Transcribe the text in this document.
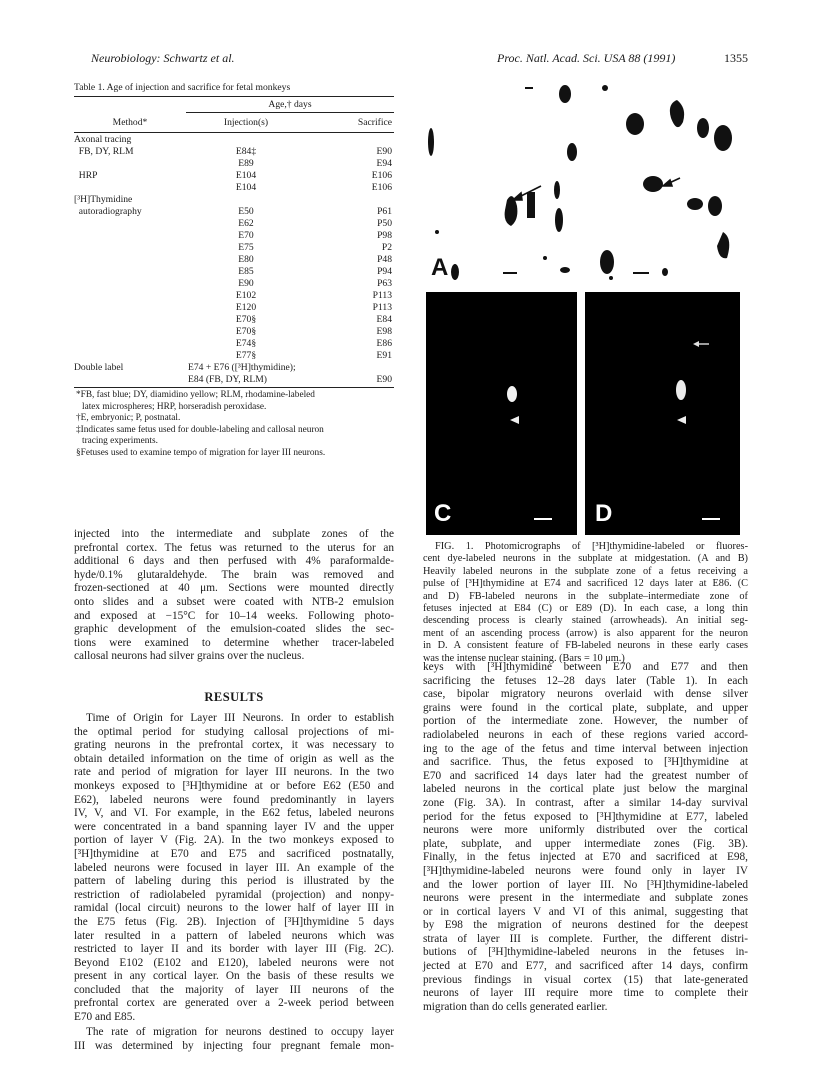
Neurobiology: Schwartz et al.	Proc. Natl. Acad. Sci. USA 88 (1991)	1355
Table 1. Age of injection and sacrifice for fetal monkeys
Age,† days
Method*	Injection(s)	Sacrifice
Axonal tracing
FB, DY, RLM	E84‡	E90
E89	E94
HRP	E104	E106
E104	E106
[³H]Thymidine
autoradiography	E50	P61
E62	P50
E70	P98
E75	P2
E80	P48
E85	P94
E90	P63
E102	P113
E120	P113
E70§	E84
E70§	E98
E74§	E86
E77§	E91
Double label	E74 + E76 ([³H]thymidine);
E84 (FB, DY, RLM)	E90
*FB, fast blue; DY, diamidino yellow; RLM, rhodamine-labeled
latex microspheres; HRP, horseradish peroxidase.
†E, embryonic; P, postnatal.
‡Indicates same fetus used for double-labeling and callosal neuron
tracing experiments.
§Fetuses used to examine tempo of migration for layer III neurons.
injected into the intermediate and subplate zones of the
prefrontal cortex. The fetus was returned to the uterus for an
additional 6 days and then perfused with 4% paraformalde-
hyde/0.1% glutaraldehyde. The brain was removed and
frozen-sectioned at 40 μm. Sections were mounted directly
onto slides and a subset were coated with NTB-2 emulsion
and exposed at −15°C for 10–14 weeks. Following photo-
graphic development of the emulsion-coated slides the sec-
tions were examined to determine whether tracer-labeled
callosal neurons had silver grains over the nucleus.
RESULTS
Time of Origin for Layer III Neurons. In order to establish
the optimal period for studying callosal projections of mi-
grating neurons in the prefrontal cortex, it was necessary to
obtain detailed information on the time of origin as well as the
rate and period of migration for layer III neurons. In the two
monkeys exposed to [³H]thymidine at or before E62 (E50 and
E62), labeled neurons were found predominantly in layers
IV, V, and VI. For example, in the E62 fetus, labeled neurons
were concentrated in a band spanning layer IV and the upper
portion of layer V (Fig. 2A). In the two monkeys exposed to
[³H]thymidine at E70 and E75 and sacrificed postnatally,
labeled neurons were focused in layer III. An example of the
pattern of labeling during this period is illustrated by the
restriction of radiolabeled pyramidal (projection) and nonpy-
ramidal (local circuit) neurons to the lower half of layer III in
the E75 fetus (Fig. 2B). Injection of [³H]thymidine 5 days
later resulted in a pattern of labeled neurons which was
restricted to layer II and its border with layer III (Fig. 2C).
Beyond E102 (E102 and E120), labeled neurons were not
present in any cortical layer. On the basis of these results we
concluded that the majority of layer III neurons of the
prefrontal cortex are generated over a 2-week period between
E70 and E85.
The rate of migration for neurons destined to occupy layer
III was determined by injecting four pregnant female mon-
A
C	D
FIG. 1. Photomicrographs of [³H]thymidine-labeled or fluores-
cent dye-labeled neurons in the subplate at midgestation. (A and B)
Heavily labeled neurons in the subplate zone of a fetus receiving a
pulse of [³H]thymidine at E74 and sacrificed 12 days later at E86. (C
and D) FB-labeled neurons in the subplate–intermediate zone of
fetuses injected at E84 (C) or E89 (D). In each case, a long thin
descending process is clearly stained (arrowheads). An initial seg-
ment of an ascending process (arrow) is also apparent for the neuron
in D. A consistent feature of FB-labeled neurons in these early cases
was the intense nuclear staining. (Bars = 10 μm.)
keys with [³H]thymidine between E70 and E77 and then
sacrificing the fetuses 12–28 days later (Table 1). In each
case, bipolar migratory neurons overlaid with dense silver
grains were found in the cortical plate, subplate, and upper
portion of the intermediate zone. However, the number of
radiolabeled neurons in each of these regions varied accord-
ing to the age of the fetus and time interval between injection
and sacrifice. Thus, the fetus exposed to [³H]thymidine at
E70 and sacrificed 14 days later had the greatest number of
labeled neurons in the cortical plate just below the marginal
zone (Fig. 3A). In contrast, after a similar 14-day survival
period for the fetus exposed to [³H]thymidine at E77, labeled
neurons were more uniformly distributed over the cortical
plate, subplate, and upper intermediate zones (Fig. 3B).
Finally, in the fetus injected at E70 and sacrificed at E98,
[³H]thymidine-labeled neurons were found only in layer IV
and the lower portion of layer III. No [³H]thymidine-labeled
neurons were present in the intermediate and subplate zones
or in cortical layers V and VI of this animal, suggesting that
by E98 the migration of neurons destined for the deepest
strata of layer III is complete. Further, the different distri-
butions of [³H]thymidine-labeled neurons in the fetuses in-
jected at E70 and E77, and sacrificed after 14 days, confirm
previous findings in visual cortex (15) that late-generated
neurons of layer III require more time to complete their
migration than do cells generated earlier.
